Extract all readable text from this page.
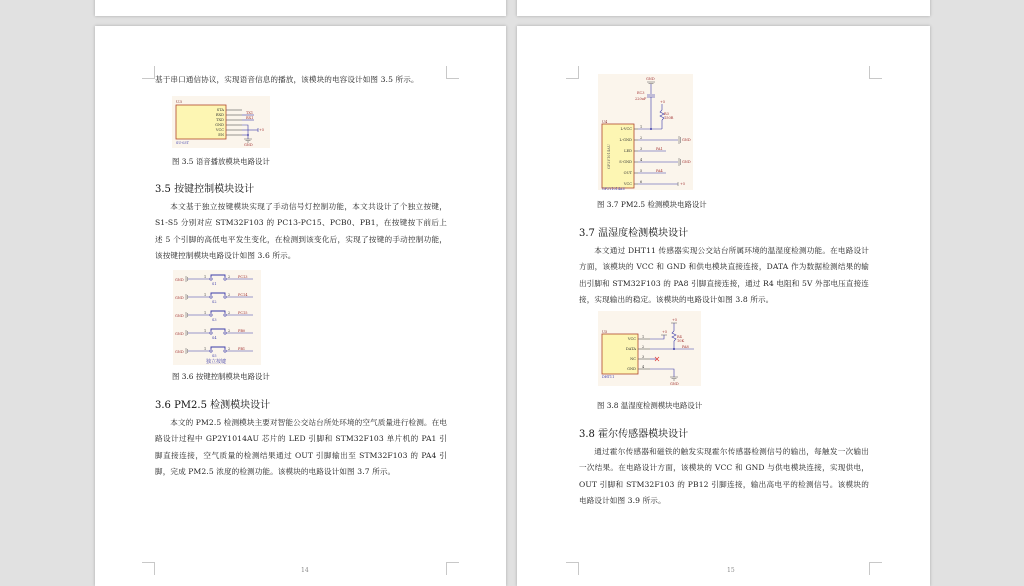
基于串口通信协议，实现语音信息的播放，该模块的电容设计如图 3.5 所示。
U3
STA
RXD
TXD
GND
VCC
EN
TX1
RX1
+5
GND
SU-03T
图 3.5 语音播放模块电路设计
3.5 按键控制模块设计
本文基于独立按键模块实现了手动信号灯控制功能，本文共设计了个独立按键，S1-S5 分别对应 STM32F103 的 PC13-PC15、PCB0、PB1，在按键按下前后上述 5 个引脚的高低电平发生变化，在检测到该变化后，实现了按键的手动控制功能，该按键控制模块电路设计如图 3.6 所示。
GND
GND
GND
GND
GND
1	2
1	2
1	2
1	2
1	2
S1
S2
S3
S4
S5
PC13
PC14
PC15
PB0
PB1
独立按键
图 3.6 按键控制模块电路设计
3.6 PM2.5 检测模块设计
本文的 PM2.5 检测模块主要对智能公交站台所处环境的空气质量进行检测。在电路设计过程中 GP2Y1014AU 芯片的 LED 引脚和 STM32F103 单片机的 PA1 引脚直接连接，空气质量的检测结果通过 OUT 引脚输出至 STM32F103 的 PA4 引脚，完成 PM2.5 浓度的检测功能。该模块的电路设计如图 3.7 所示。
14
GND
EC3
220uF
+5
R3
150R
GND
GND
PA1
PA4
+5
U4
L-VCC
L-GND
LED
S-GND
OUT
VCC
1
2
3
4
5
6
GP2Y1014AU
GP2Y1014AU
图 3.7 PM2.5 检测模块电路设计
3.7 温湿度检测模块设计
本文通过 DHT11 传感器实现公交站台所属环境的温湿度检测功能。在电路设计方面，该模块的 VCC 和 GND 和供电模块直接连接，DATA 作为数据检测结果的输出引脚和 STM32F103 的 PA8 引脚直接连接，通过 R4 电阻和 5V 外部电压直接连接，实现输出的稳定。该模块的电路设计如图 3.8 所示。
U5
VCC
DATA
NC
GND
1
2
3
4
+5
+5
R4
10K
PA8
GND
DHT11
图 3.8 温湿度检测模块电路设计
3.8 霍尔传感器模块设计
通过霍尔传感器和磁铁的触发实现霍尔传感器检测信号的输出，每触发一次输出一次结果。在电路设计方面，该模块的 VCC 和 GND 与供电模块连接，实现供电，OUT 引脚和 STM32F103 的 PB12 引脚连接，输出高电平的检测信号。该模块的电路设计如图 3.9 所示。
15
